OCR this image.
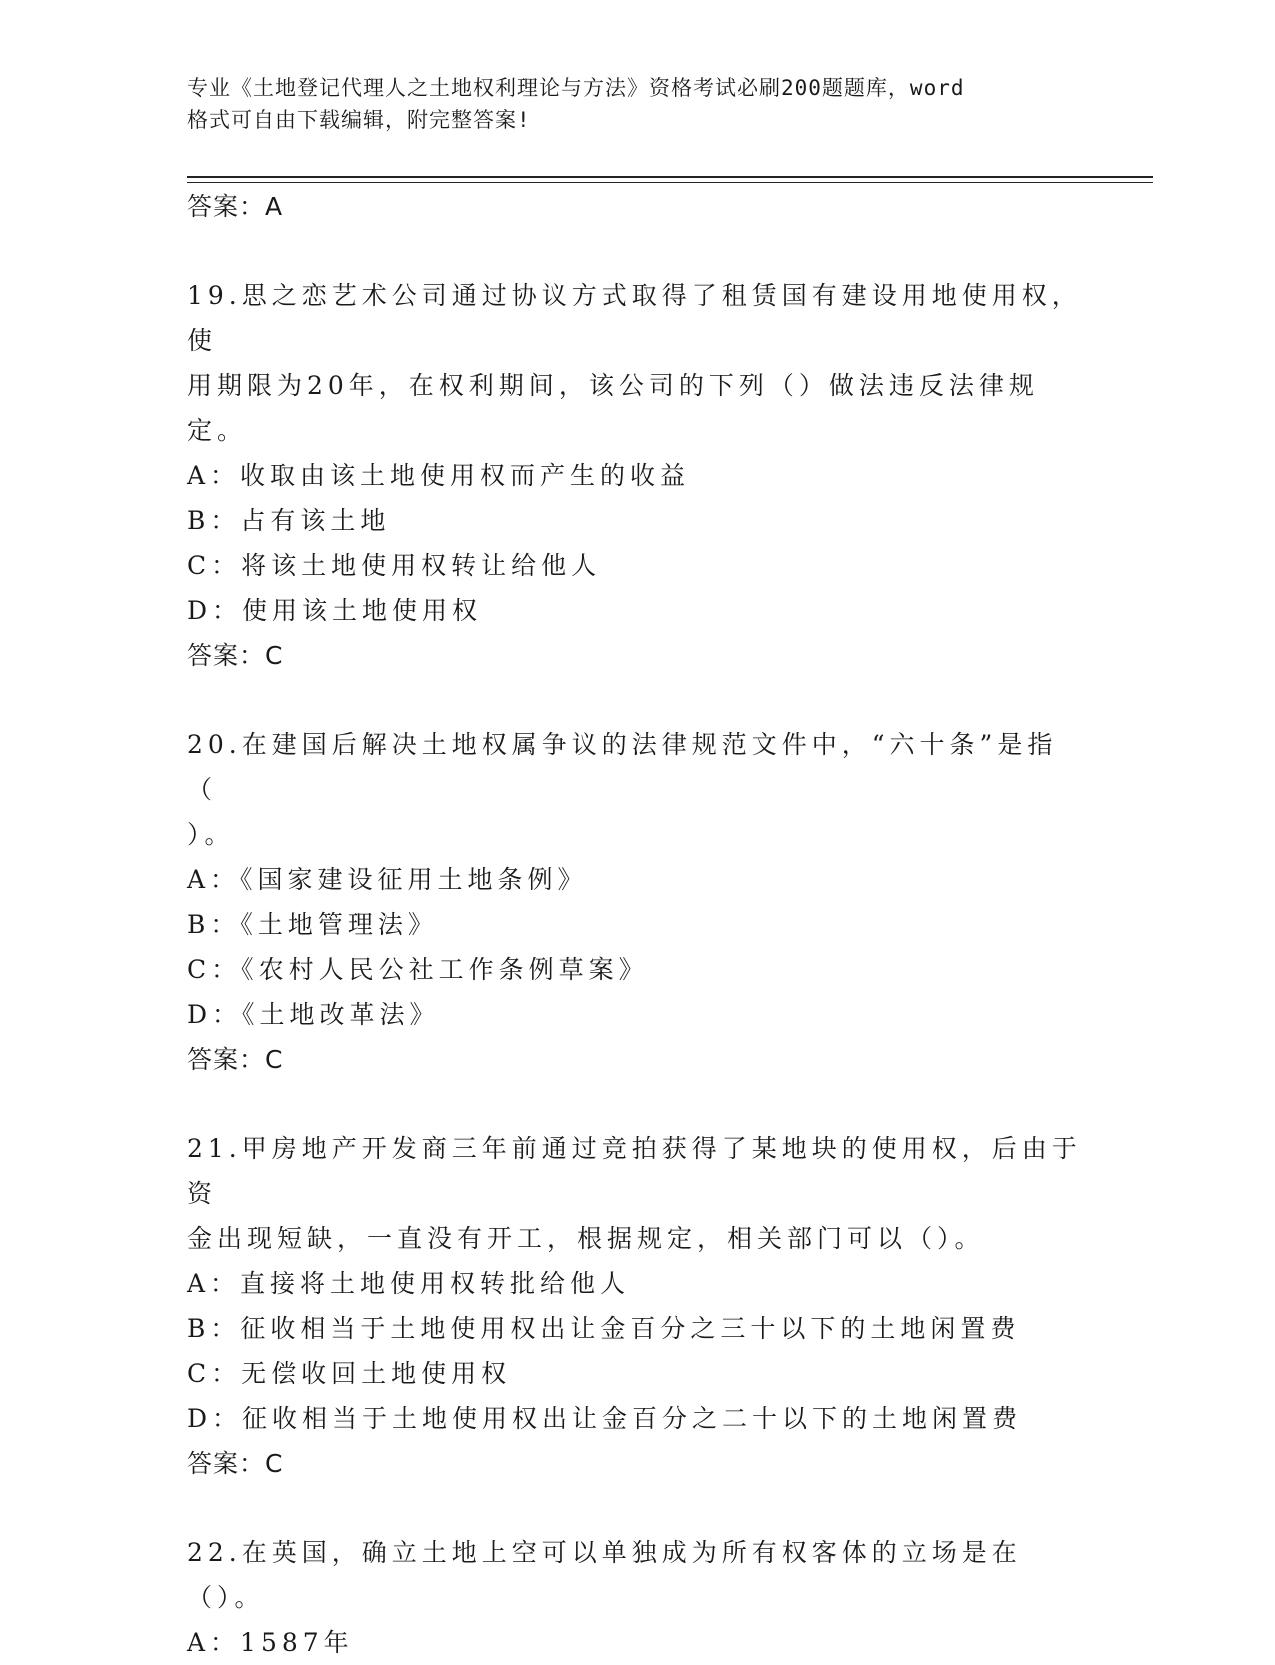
专业《土地登记代理人之土地权利理论与方法》资格考试必刷200题题库，word
格式可自由下载编辑，附完整答案!

答案：A

19.思之恋艺术公司通过协议方式取得了租赁国有建设用地使用权，使

用期限为20年，在权利期间，该公司的下列（）做法违反法律规定。

A：收取由该土地使用权而产生的收益

B：占有该土地

C：将该土地使用权转让给他人

D：使用该土地使用权

答案：C

20.在建国后解决土地权属争议的法律规范文件中，“六十条”是指（

）。

A：《国家建设征用土地条例》

B：《土地管理法》

C：《农村人民公社工作条例草案》

D：《土地改革法》

答案：C

21.甲房地产开发商三年前通过竞拍获得了某地块的使用权，后由于资

金出现短缺，一直没有开工，根据规定，相关部门可以（）。

A：直接将土地使用权转批给他人

B：征收相当于土地使用权出让金百分之三十以下的土地闲置费

C：无偿收回土地使用权

D：征收相当于土地使用权出让金百分之二十以下的土地闲置费

答案：C

22.在英国，确立土地上空可以单独成为所有权客体的立场是在（）。

A：1587年
